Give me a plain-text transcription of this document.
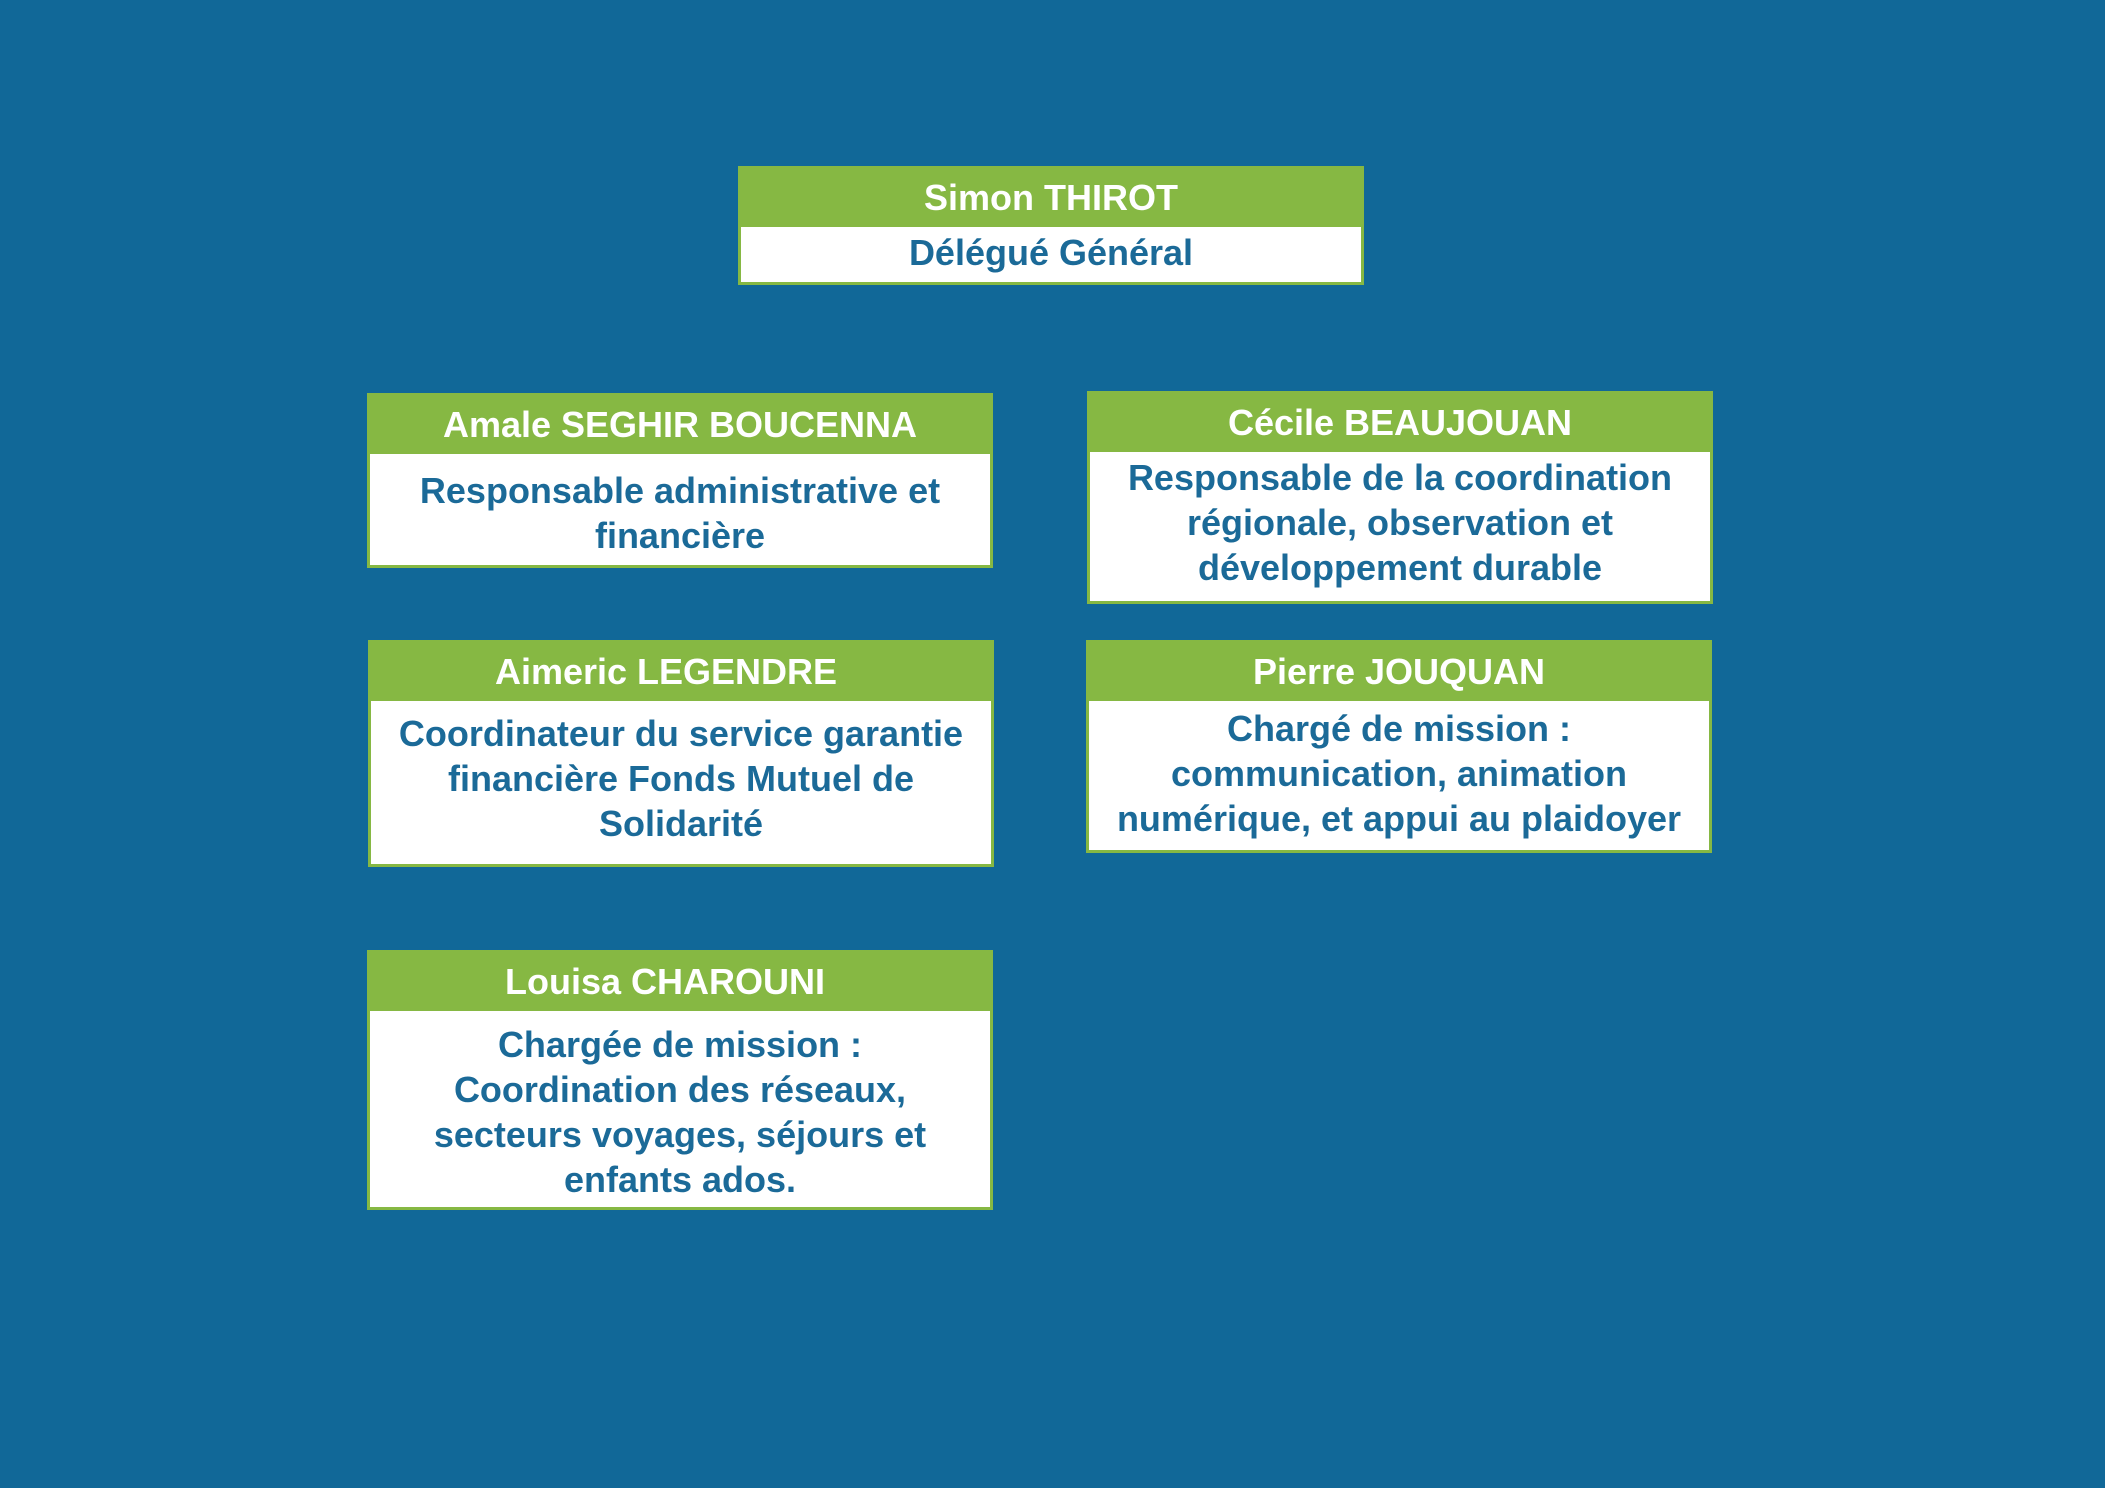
Simon THIROT
Délégué Général
Amale SEGHIR BOUCENNA
Responsable administrative et
financière
Cécile BEAUJOUAN
Responsable de la coordination
régionale, observation et
développement durable
Aimeric LEGENDRE
Coordinateur du service garantie
financière Fonds Mutuel de
Solidarité
Pierre JOUQUAN
Chargé de mission :
communication, animation
numérique, et appui au plaidoyer
Louisa CHAROUNI
Chargée de mission :
Coordination des réseaux,
secteurs voyages, séjours et
enfants ados.
